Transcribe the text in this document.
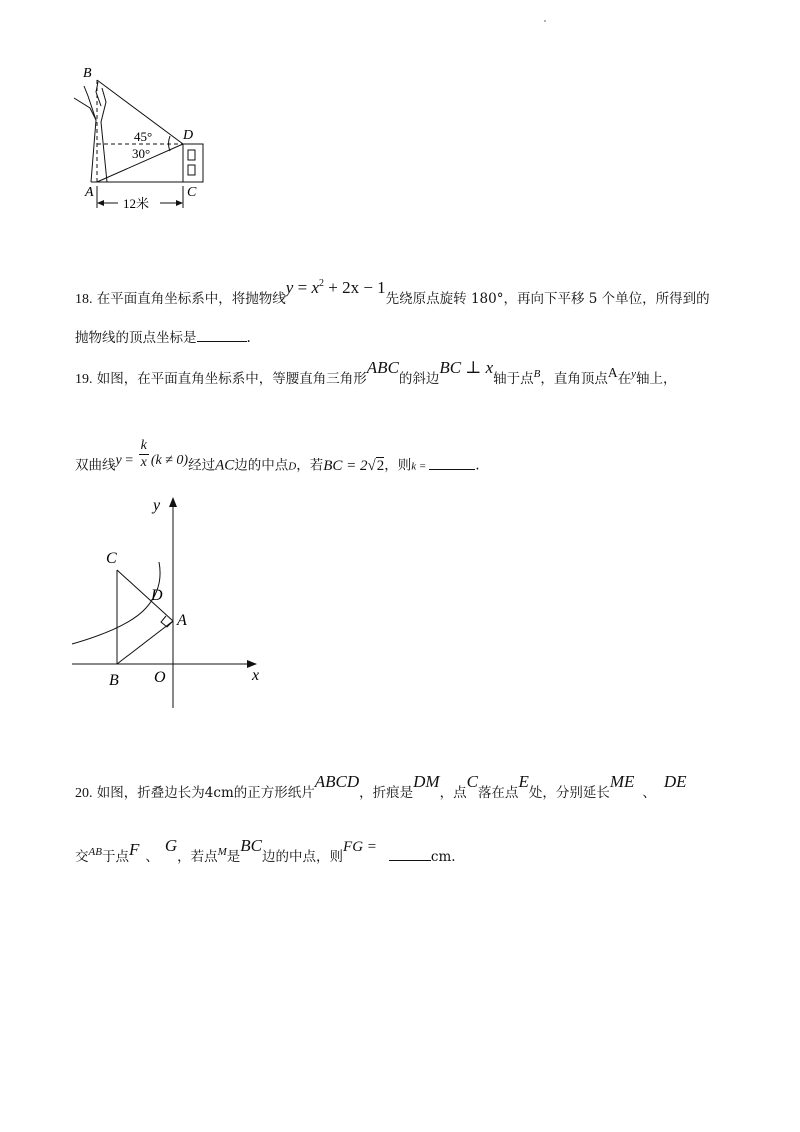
B
D
A	C
45°
30°
12米
18. 在平面直角坐标系中，将抛物线$y = x^2 + 2x - 1$先绕原点旋转 180°，再向下平移 5 个单位，所得到的
抛物线的顶点坐标是	.
19. 如图，在平面直角坐标系中，等腰直角三角形ABC的斜边BC ⊥ x轴于点$^B$，直角顶点A在$^y$轴上，
双曲线$y = \frac{k}{x} (k \ne 0)$经过AC边的中点D，若BC = 2√2，则k =	.
y
x
C
D
A
B O
20. 如图，折叠边长为4cm的正方形纸片ABCD，折痕是DM，点C落在点E处，分别延长ME、DE
交$^{AB}$于点F 、G，若点$^M$是BC边的中点，则FG =cm.
